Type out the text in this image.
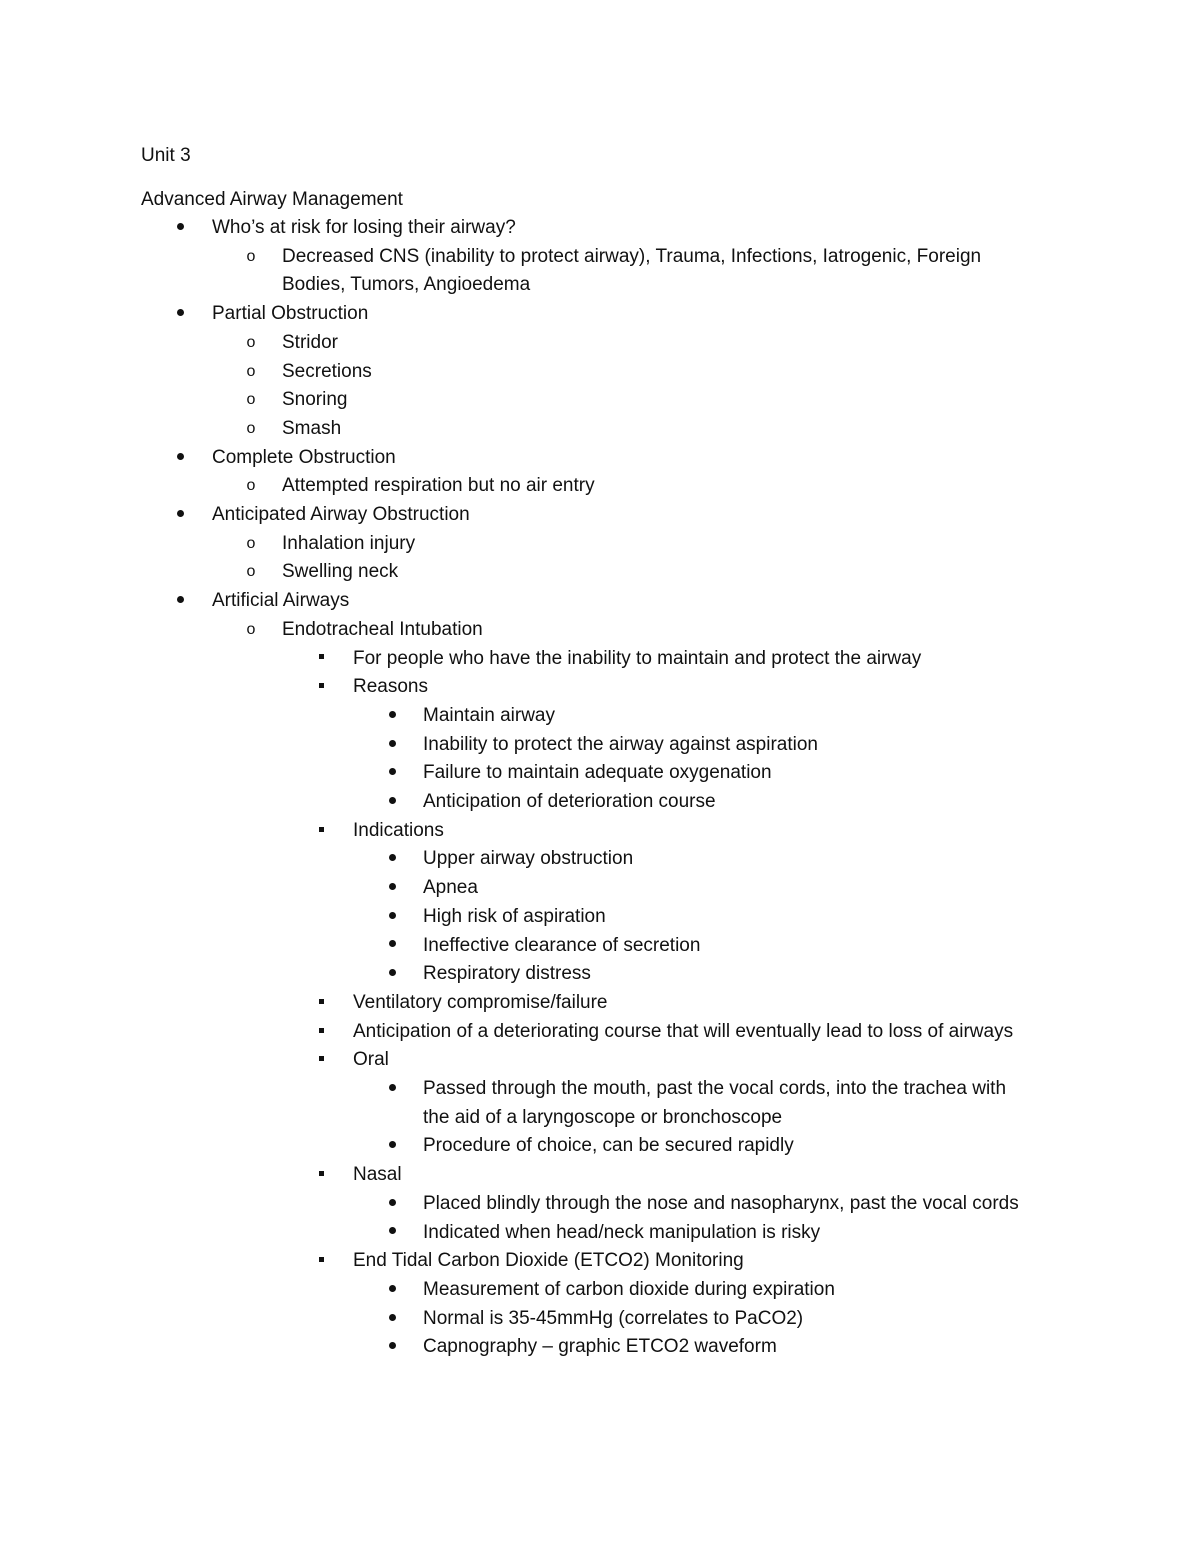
Unit 3
Advanced Airway Management
Who’s at risk for losing their airway?
o Decreased CNS (inability to protect airway), Trauma, Infections, Iatrogenic, Foreign
Bodies, Tumors, Angioedema
Partial Obstruction
o Stridor
o Secretions
o Snoring
o Smash
Complete Obstruction
o Attempted respiration but no air entry
Anticipated Airway Obstruction
o Inhalation injury
o Swelling neck
Artificial Airways
o Endotracheal Intubation
For people who have the inability to maintain and protect the airway
Reasons
Maintain airway
Inability to protect the airway against aspiration
Failure to maintain adequate oxygenation
Anticipation of deterioration course
Indications
Upper airway obstruction
Apnea
High risk of aspiration
Ineffective clearance of secretion
Respiratory distress
Ventilatory compromise/failure
Anticipation of a deteriorating course that will eventually lead to loss of airways
Oral
Passed through the mouth, past the vocal cords, into the trachea with
the aid of a laryngoscope or bronchoscope
Procedure of choice, can be secured rapidly
Nasal
Placed blindly through the nose and nasopharynx, past the vocal cords
Indicated when head/neck manipulation is risky
End Tidal Carbon Dioxide (ETCO2) Monitoring
Measurement of carbon dioxide during expiration
Normal is 35-45mmHg (correlates to PaCO2)
Capnography – graphic ETCO2 waveform
